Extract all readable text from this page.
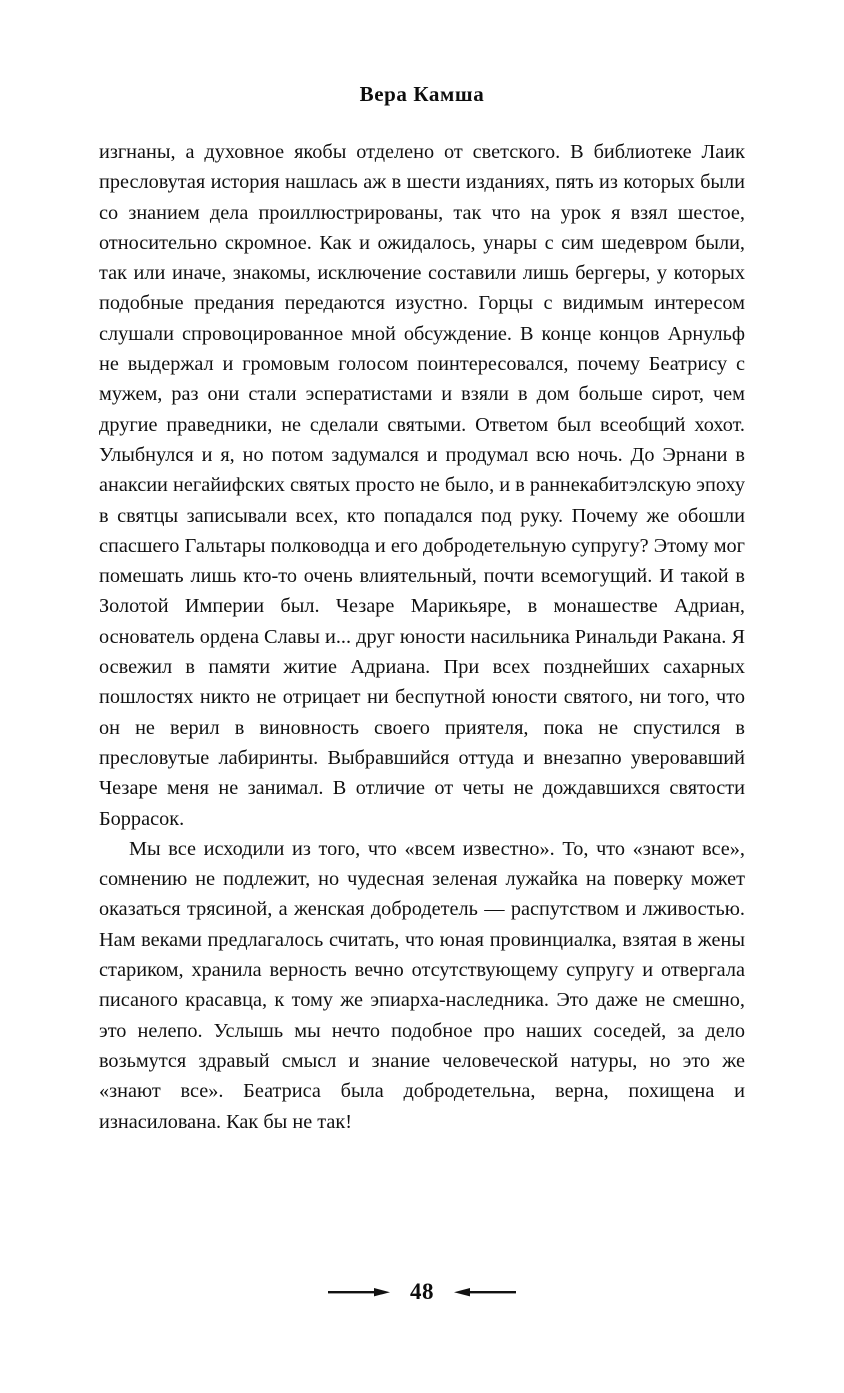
Вера Камша

изгнаны, а духовное якобы отделено от светского. В библиотеке Лаик пресловутая история нашлась аж в шести изданиях, пять из которых были со знанием дела проиллюстрированы, так что на урок я взял шестое, относительно скромное. Как и ожидалось, унары с сим шедевром были, так или иначе, знакомы, исключение составили лишь бергеры, у которых подобные предания передаются изустно. Горцы с видимым интересом слушали спровоцированное мной обсуждение. В конце концов Арнульф не выдержал и громовым голосом поинтересовался, почему Беатрису с мужем, раз они стали эсператистами и взяли в дом больше сирот, чем другие праведники, не сделали святыми. Ответом был всеобщий хохот. Улыбнулся и я, но потом задумался и продумал всю ночь. До Эрнани в анаксии негайифских святых просто не было, и в раннекабитэлскую эпоху в святцы записывали всех, кто попадался под руку. Почему же обошли спасшего Гальтары полководца и его добродетельную супругу? Этому мог помешать лишь кто-то очень влиятельный, почти всемогущий. И такой в Золотой Империи был. Чезаре Марикьяре, в монашестве Адриан, основатель ордена Славы и... друг юности насильника Ринальди Ракана. Я освежил в памяти житие Адриана. При всех позднейших сахарных пошлостях никто не отрицает ни беспутной юности святого, ни того, что он не верил в виновность своего приятеля, пока не спустился в пресловутые лабиринты. Выбравшийся оттуда и внезапно уверовавший Чезаре меня не занимал. В отличие от четы не дождавшихся святости Боррасок.

Мы все исходили из того, что «всем известно». То, что «знают все», сомнению не подлежит, но чудесная зеленая лужайка на поверку может оказаться трясиной, а женская добродетель — распутством и лживостью. Нам веками предлагалось считать, что юная провинциалка, взятая в жены стариком, хранила верность вечно отсутствующему супругу и отвергала писаного красавца, к тому же эпиарха-наследника. Это даже не смешно, это нелепо. Услышь мы нечто подобное про наших соседей, за дело возьмутся здравый смысл и знание человеческой натуры, но это же «знают все». Беатриса была добродетельна, верна, похищена и изнасилована. Как бы не так!

48
